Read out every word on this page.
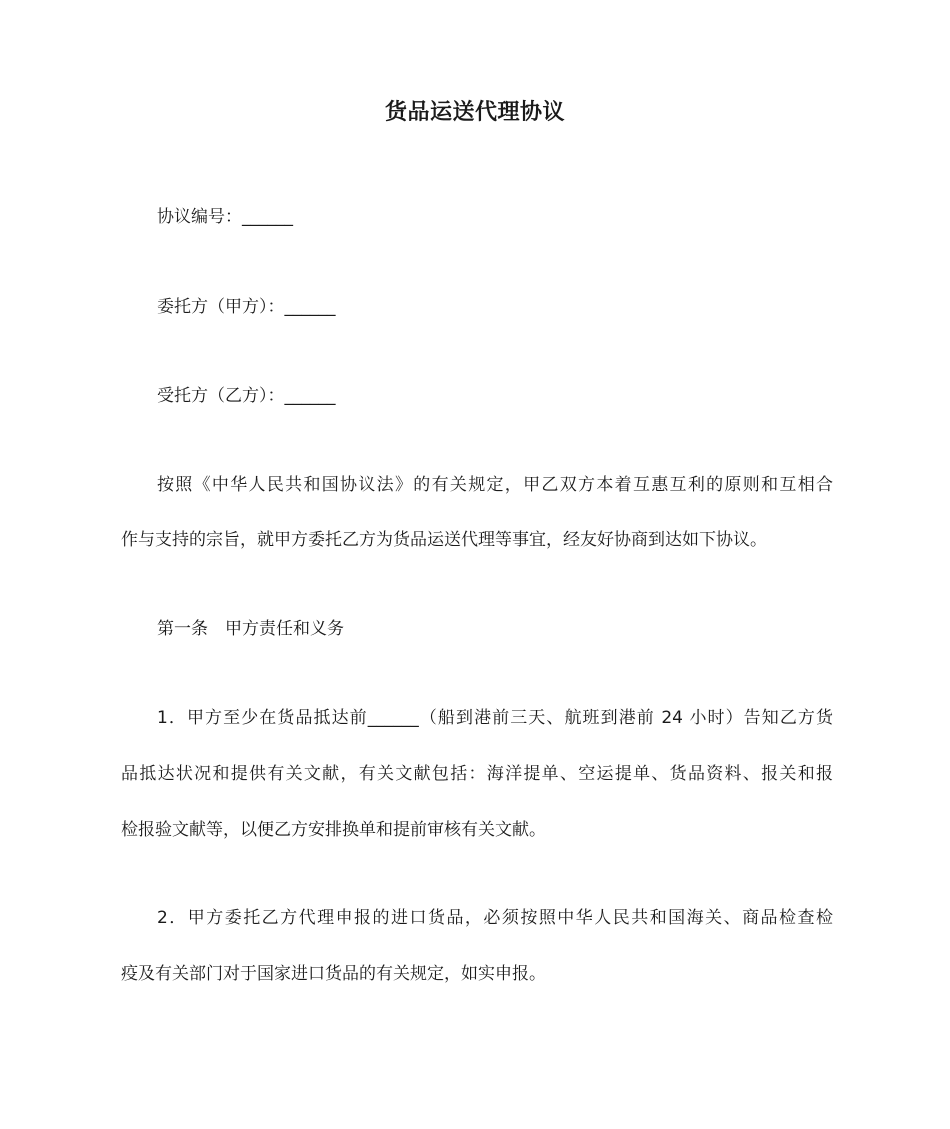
货品运送代理协议
协议编号：______
委托方（甲方）：______
受托方（乙方）：______
按照《中华人民共和国协议法》的有关规定，甲乙双方本着互惠互利的原则和互相合
作与支持的宗旨，就甲方委托乙方为货品运送代理等事宜，经友好协商到达如下协议。
第一条　甲方责任和义务
1．甲方至少在货品抵达前______（船到港前三天、航班到港前 24 小时）告知乙方货
品抵达状况和提供有关文献，有关文献包括：海洋提单、空运提单、货品资料、报关和报
检报验文献等，以便乙方安排换单和提前审核有关文献。
2．甲方委托乙方代理申报的进口货品，必须按照中华人民共和国海关、商品检查检
疫及有关部门对于国家进口货品的有关规定，如实申报。
